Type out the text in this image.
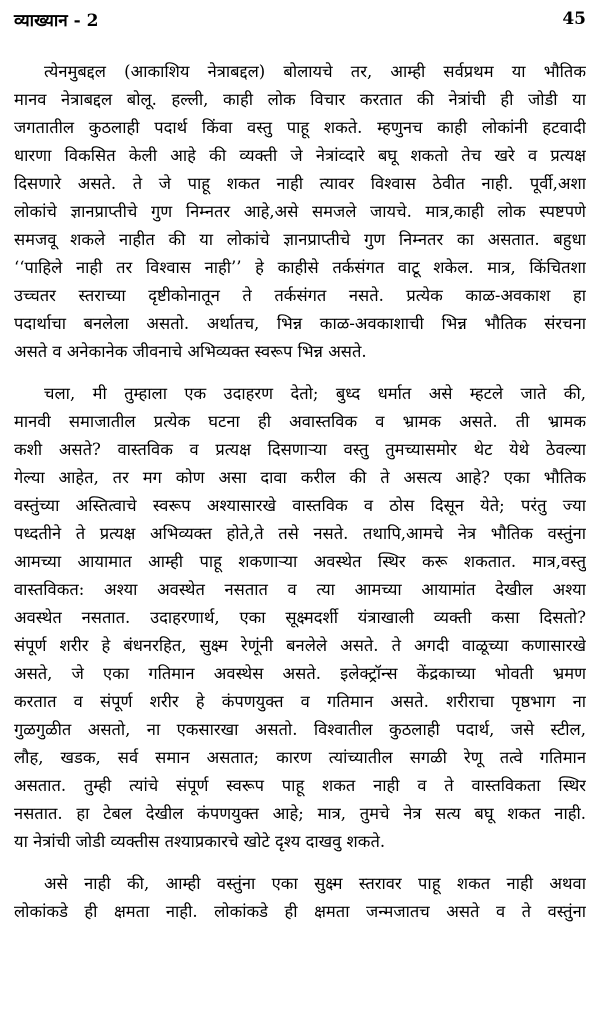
व्याख्यान - 2	45
त्येनमुबद्दल (आकाशिय नेत्राबद्दल) बोलायचे तर, आम्ही सर्वप्रथम या भौतिक
मानव नेत्राबद्दल बोलू. हल्ली, काही लोक विचार करतात की नेत्रांची ही जोडी या
जगतातील कुठलाही पदार्थ किंवा वस्तु पाहू शकते. म्हणुनच काही लोकांनी हटवादी
धारणा विकसित केली आहे की व्यक्ती जे नेत्रांव्दारे बघू शकतो तेच खरे व प्रत्यक्ष
दिसणारे असते. ते जे पाहू शकत नाही त्यावर विश्वास ठेवीत नाही. पूर्वी,अशा
लोकांचे ज्ञानप्राप्तीचे गुण निम्नतर आहे,असे समजले जायचे. मात्र,काही लोक स्पष्टपणे
समजवू शकले नाहीत की या लोकांचे ज्ञानप्राप्तीचे गुण निम्नतर का असतात. बहुधा
‘‘पाहिले नाही तर विश्वास नाही’’ हे काहीसे तर्कसंगत वाटू शकेल. मात्र, किंचितशा
उच्चतर स्तराच्या दृष्टीकोनातून ते तर्कसंगत नसते. प्रत्येक काळ-अवकाश हा
पदार्थाचा बनलेला असतो. अर्थातच, भिन्न काळ-अवकाशाची भिन्न भौतिक संरचना
असते व अनेकानेक जीवनाचे अभिव्यक्त स्वरूप भिन्न असते.
चला, मी तुम्हाला एक उदाहरण देतो; बुध्द धर्मात असे म्हटले जाते की,
मानवी समाजातील प्रत्येक घटना ही अवास्तविक व भ्रामक असते. ती भ्रामक
कशी असते? वास्तविक व प्रत्यक्ष दिसणाऱ्या वस्तु तुमच्यासमोर थेट येथे ठेवल्या
गेल्या आहेत, तर मग कोण असा दावा करील की ते असत्य आहे? एका भौतिक
वस्तुंच्या अस्तित्वाचे स्वरूप अश्यासारखे वास्तविक व ठोस दिसून येते; परंतु ज्या
पध्दतीने ते प्रत्यक्ष अभिव्यक्त होते,ते तसे नसते. तथापि,आमचे नेत्र भौतिक वस्तुंना
आमच्या आयामात आम्ही पाहू शकणाऱ्या अवस्थेत स्थिर करू शकतात. मात्र,वस्तु
वास्तविकत: अश्या अवस्थेत नसतात व त्या आमच्या आयामांत देखील अश्या
अवस्थेत नसतात. उदाहरणार्थ, एका सूक्ष्मदर्शी यंत्राखाली व्यक्ती कसा दिसतो?
संपूर्ण शरीर हे बंधनरहित, सुक्ष्म रेणूंनी बनलेले असते. ते अगदी वाळूच्या कणासारखे
असते, जे एका गतिमान अवस्थेस असते. इलेक्ट्रॉन्स केंद्रकाच्या भोवती भ्रमण
करतात व संपूर्ण शरीर हे कंपणयुक्त व गतिमान असते. शरीराचा पृष्ठभाग ना
गुळगुळीत असतो, ना एकसारखा असतो. विश्वातील कुठलाही पदार्थ, जसे स्टील,
लौह, खडक, सर्व समान असतात; कारण त्यांच्यातील सगळी रेणू तत्वे गतिमान
असतात. तुम्ही त्यांचे संपूर्ण स्वरूप पाहू शकत नाही व ते वास्तविकता स्थिर
नसतात. हा टेबल देखील कंपणयुक्त आहे; मात्र, तुमचे नेत्र सत्य बघू शकत नाही.
या नेत्रांची जोडी व्यक्तीस तश्याप्रकारचे खोटे दृश्य दाखवु शकते.
असे नाही की, आम्ही वस्तुंना एका सुक्ष्म स्तरावर पाहू शकत नाही अथवा
लोकांकडे ही क्षमता नाही. लोकांकडे ही क्षमता जन्मजातच असते व ते वस्तुंना
